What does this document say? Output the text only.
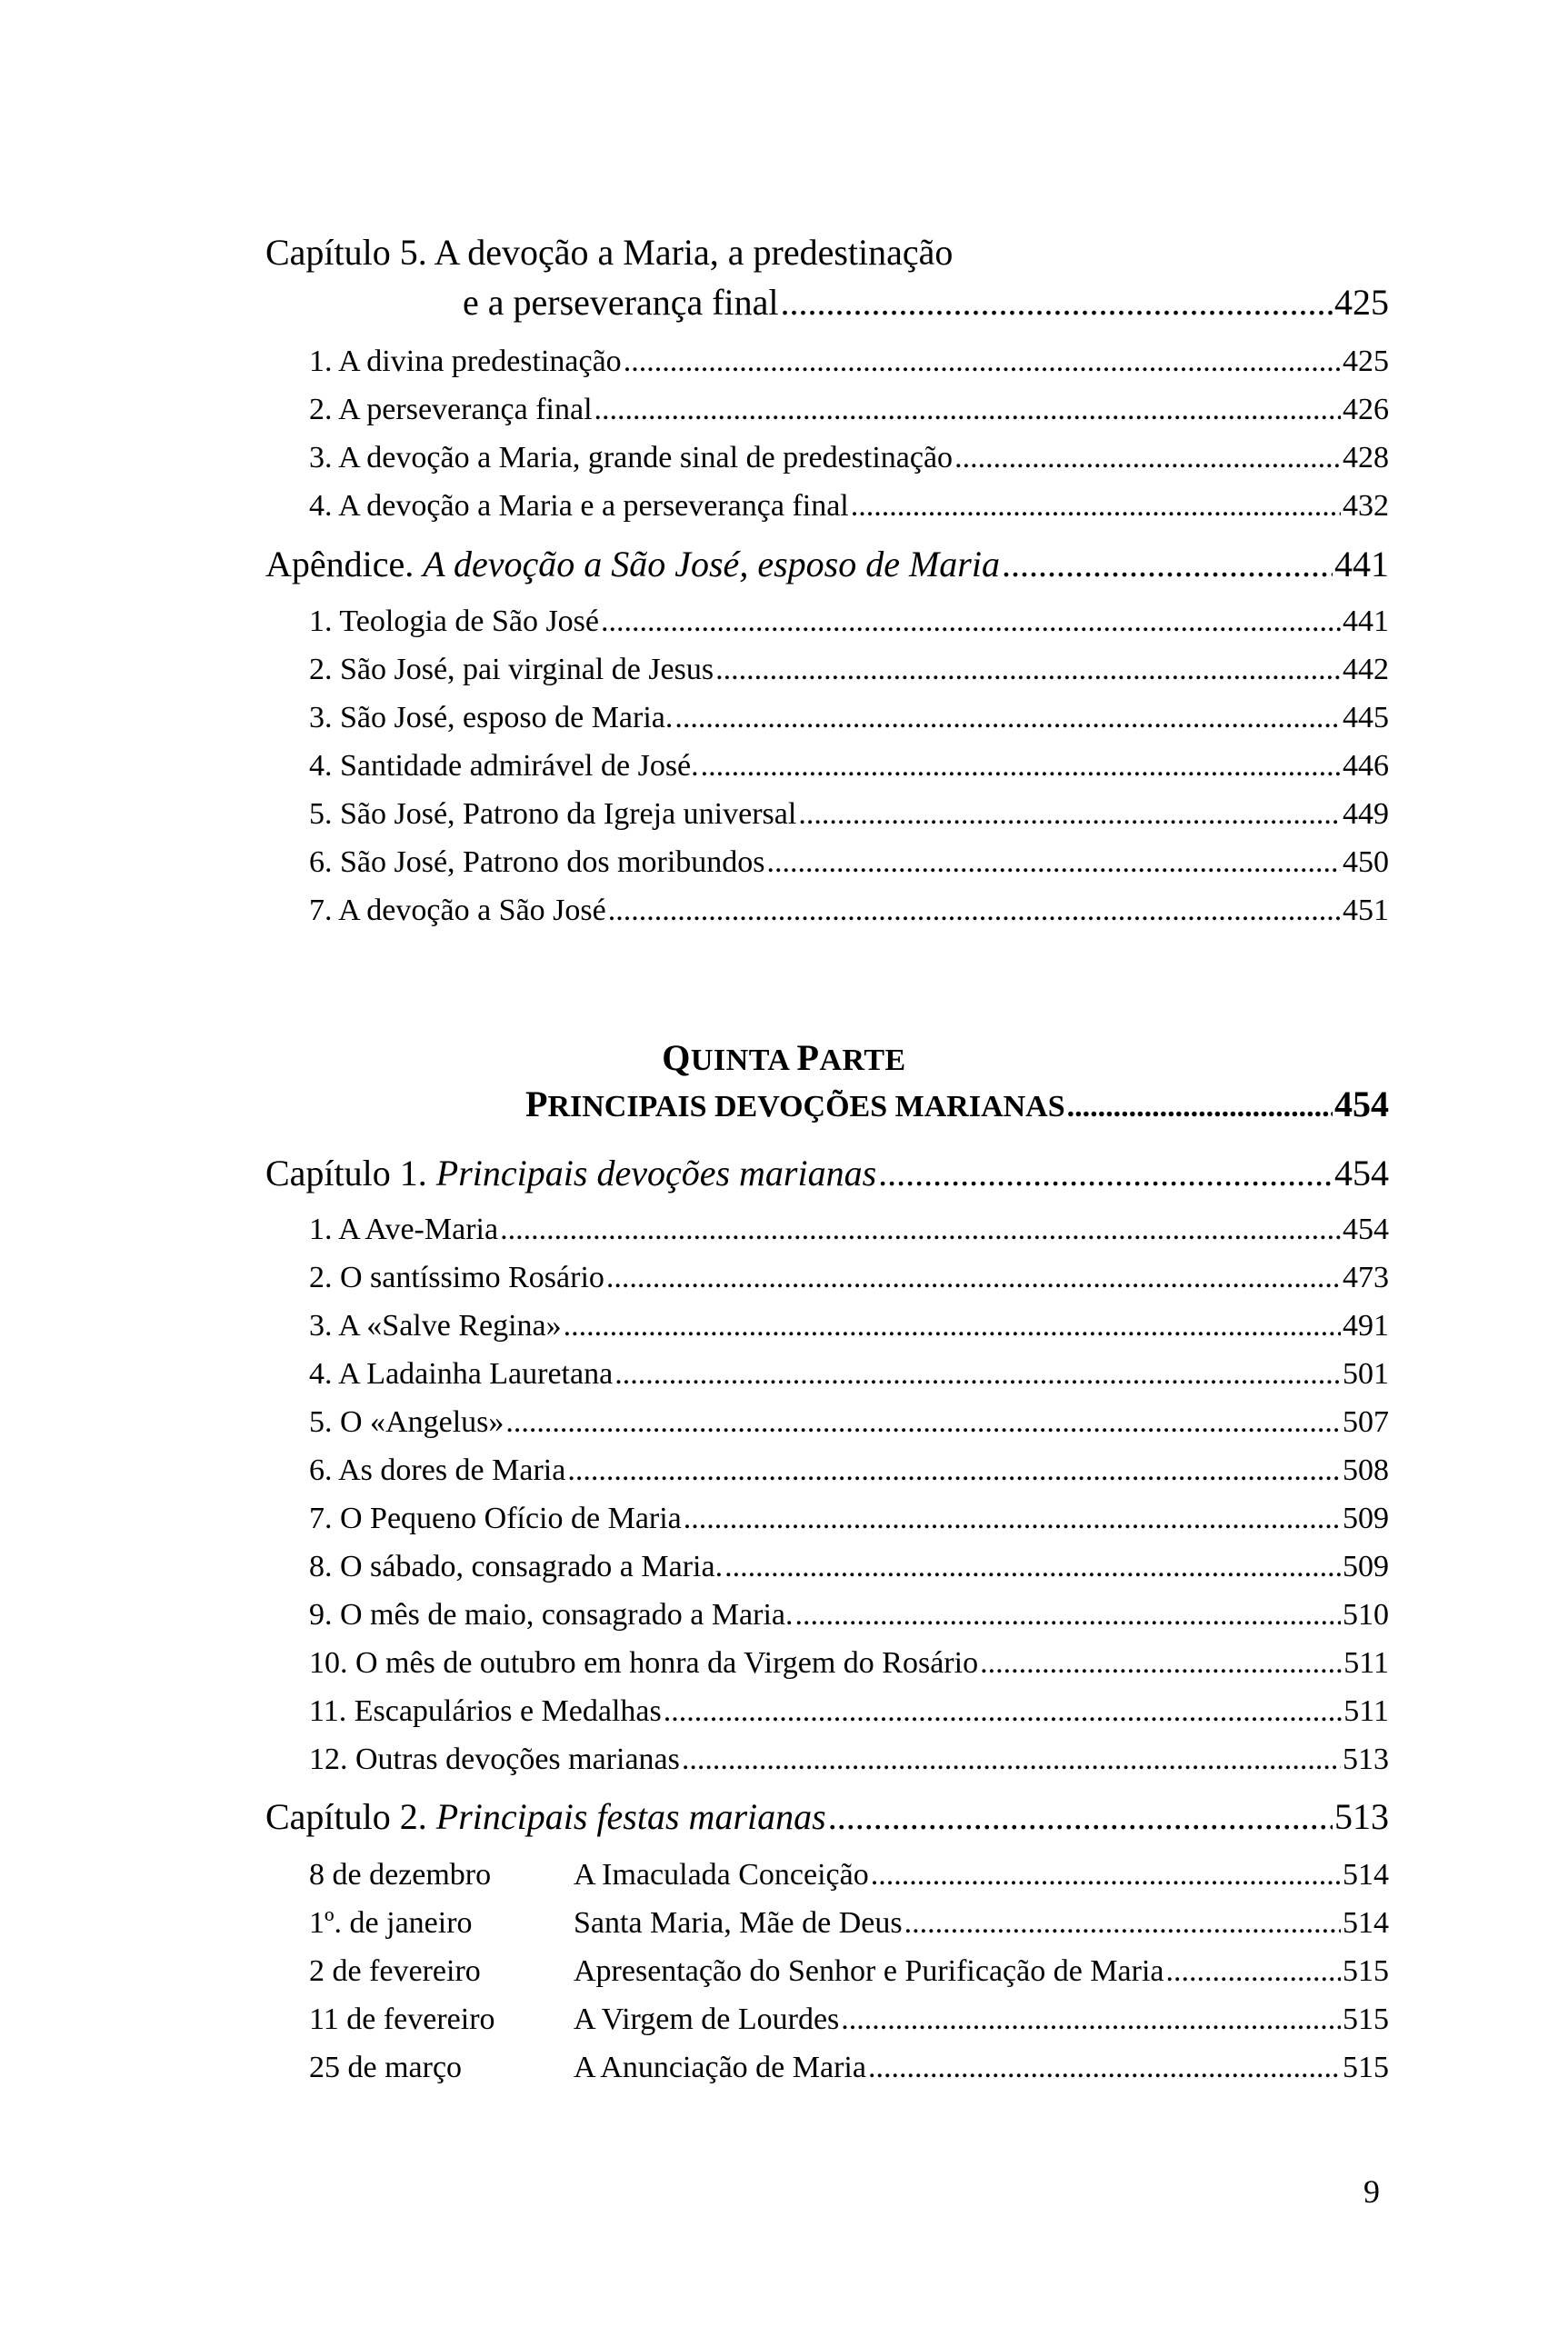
Capítulo 5. A devoção a Maria, a predestinação
e a perseverança final .....	425
1. A divina predestinação .....	425
2. A perseverança final .....	426
3. A devoção a Maria, grande sinal de predestinação .....	428
4. A devoção a Maria e a perseverança final .....	432
Apêndice. A devoção a São José, esposo de Maria .....	441
1. Teologia de São José .....	441
2. São José, pai virginal de Jesus .....	442
3. São José, esposo de Maria. .....	445
4. Santidade admirável de José. .....	446
5. São José, Patrono da Igreja universal .....	449
6. São José, Patrono dos moribundos .....	450
7. A devoção a São José .....	451
QUINTA PARTE
PRINCIPAIS DEVOÇÕES MARIANAS .....	454
Capítulo 1. Principais devoções marianas .....	454
1. A Ave-Maria .....	454
2. O santíssimo Rosário .....	473
3. A «Salve Regina» .....	491
4. A Ladainha Lauretana .....	501
5. O «Angelus» .....	507
6. As dores de Maria .....	508
7. O Pequeno Ofício de Maria .....	509
8. O sábado, consagrado a Maria. .....	509
9. O mês de maio, consagrado a Maria. .....	510
10. O mês de outubro em honra da Virgem do Rosário .....	511
11. Escapulários e Medalhas .....	511
12. Outras devoções marianas .....	513
Capítulo 2. Principais festas marianas .....	513
8 de dezembro	A Imaculada Conceição .....	514
1º. de janeiro	Santa Maria, Mãe de Deus .....	514
2 de fevereiro	Apresentação do Senhor e Purificação de Maria .....	515
11 de fevereiro	A Virgem de Lourdes .....	515
25 de março	A Anunciação de Maria .....	515
9
